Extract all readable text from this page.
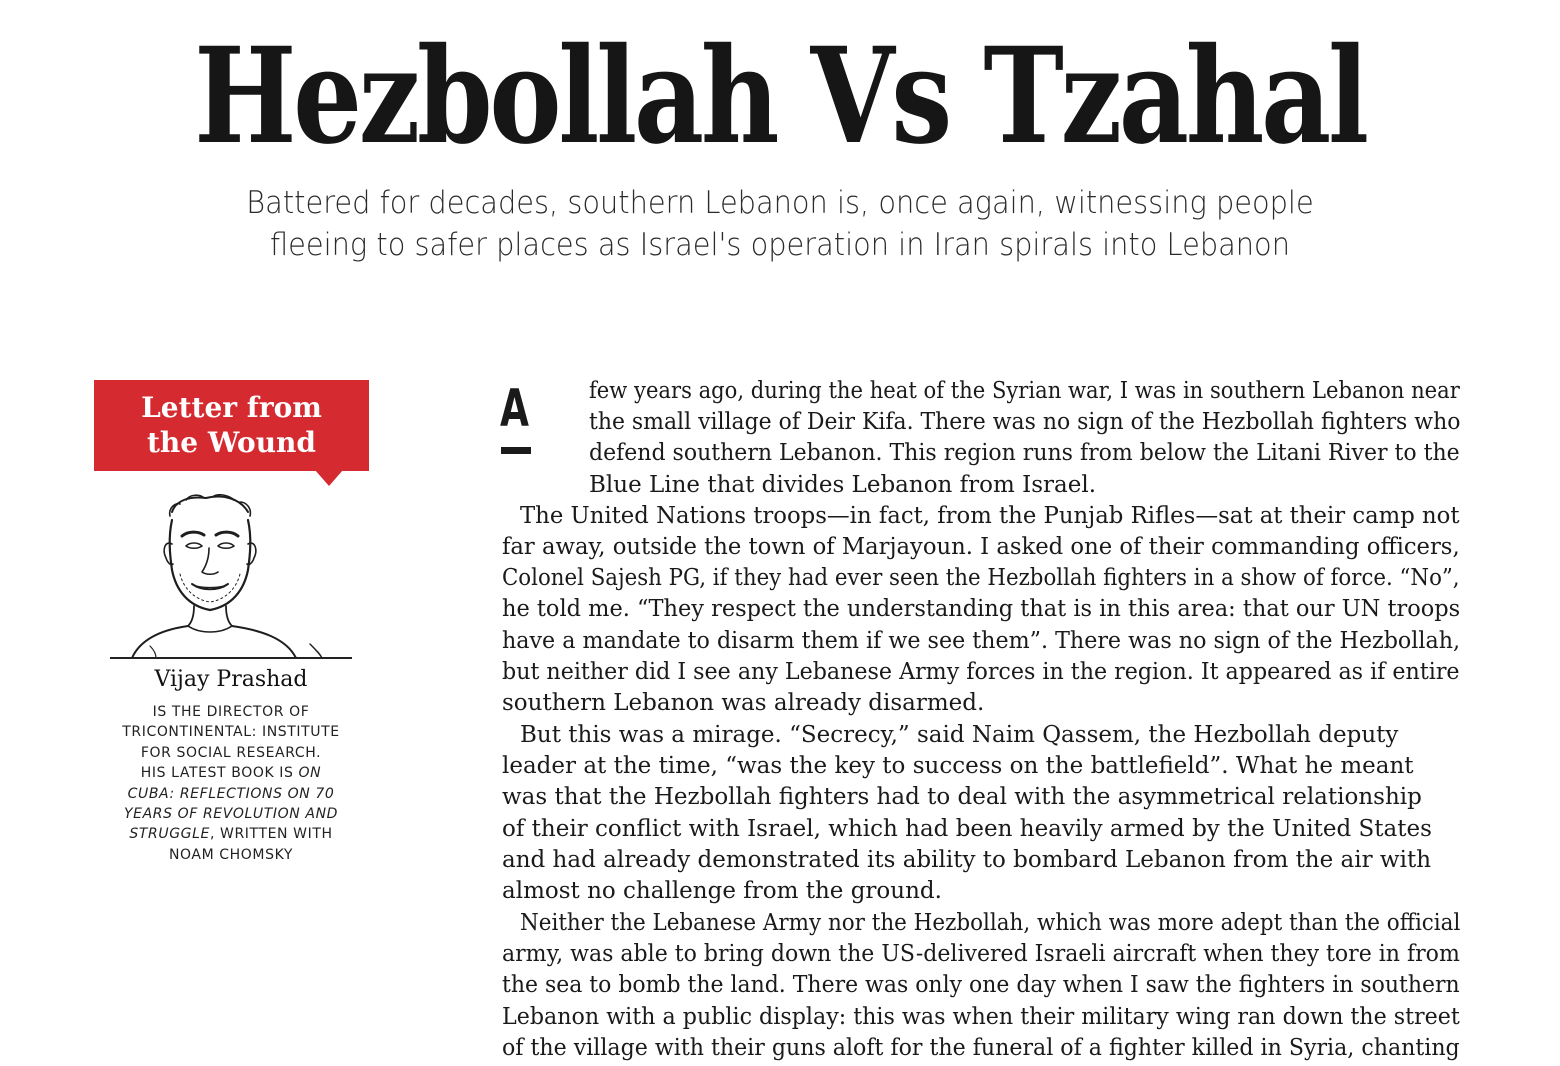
Hezbollah Vs Tzahal
Battered for decades, southern Lebanon is, once again, witnessing people
fleeing to safer places as Israel's operation in Iran spirals into Lebanon
Letter from
the Wound
Vijay Prashad
IS THE DIRECTOR OF
TRICONTINENTAL: INSTITUTE
FOR SOCIAL RESEARCH.
HIS LATEST BOOK IS ON
CUBA: REFLECTIONS ON 70
YEARS OF REVOLUTION AND
STRUGGLE, WRITTEN WITH
NOAM CHOMSKY
A	few years ago, during the heat of the Syrian war, I was in southern Lebanon near
the small village of Deir Kifa. There was no sign of the Hezbollah fighters who
defend southern Lebanon. This region runs from below the Litani River to the
Blue Line that divides Lebanon from Israel.
The United Nations troops—in fact, from the Punjab Rifles—sat at their camp not
far away, outside the town of Marjayoun. I asked one of their commanding officers,
Colonel Sajesh PG, if they had ever seen the Hezbollah fighters in a show of force. “No”,
he told me. “They respect the understanding that is in this area: that our UN troops
have a mandate to disarm them if we see them”. There was no sign of the Hezbollah,
but neither did I see any Lebanese Army forces in the region. It appeared as if entire
southern Lebanon was already disarmed.
But this was a mirage. “Secrecy,” said Naim Qassem, the Hezbollah deputy
leader at the time, “was the key to success on the battlefield”. What he meant
was that the Hezbollah fighters had to deal with the asymmetrical relationship
of their conflict with Israel, which had been heavily armed by the United States
and had already demonstrated its ability to bombard Lebanon from the air with
almost no challenge from the ground.
Neither the Lebanese Army nor the Hezbollah, which was more adept than the official
army, was able to bring down the US-delivered Israeli aircraft when they tore in from
the sea to bomb the land. There was only one day when I saw the fighters in southern
Lebanon with a public display: this was when their military wing ran down the street
of the village with their guns aloft for the funeral of a fighter killed in Syria, chanting
